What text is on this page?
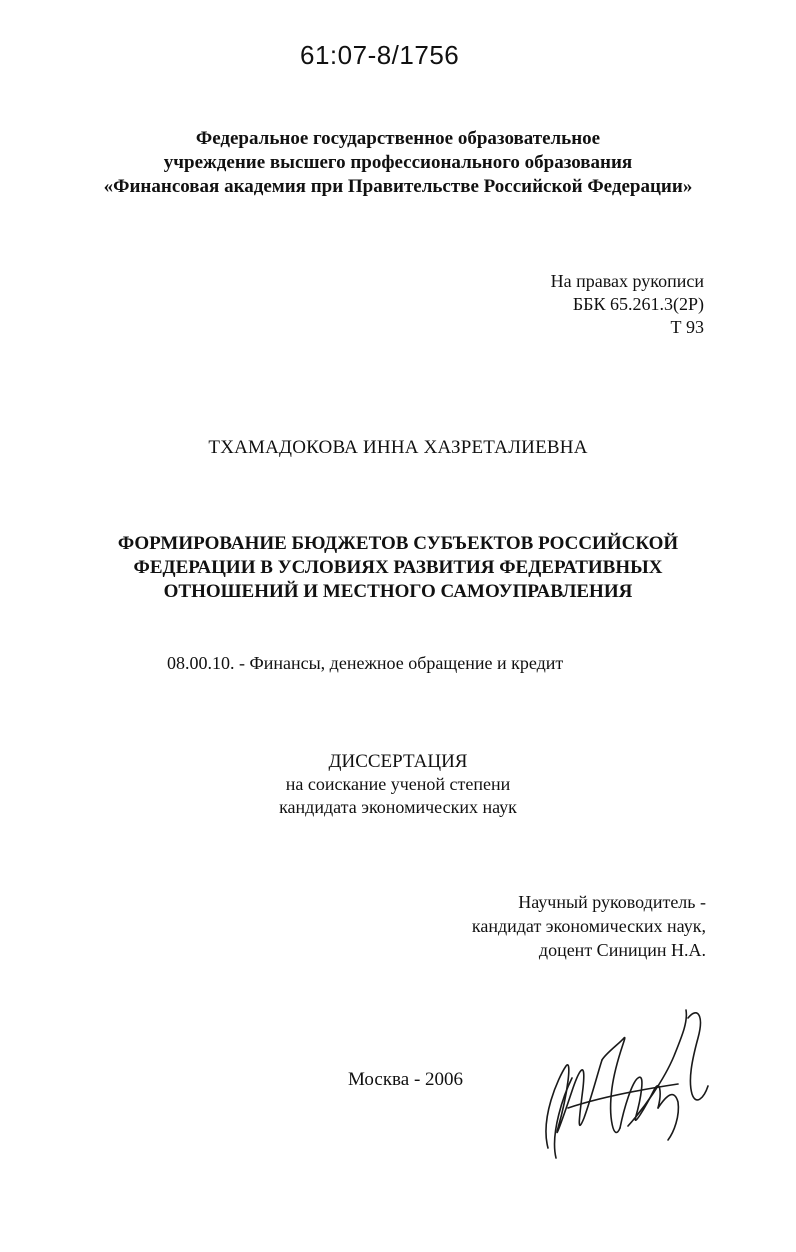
61:07-8/1756
Федеральное государственное образовательное
учреждение высшего профессионального образования
«Финансовая академия при Правительстве Российской Федерации»
На правах рукописи
ББК 65.261.3(2Р)
Т 93
ТХАМАДОКОВА ИННА ХАЗРЕТАЛИЕВНА
ФОРМИРОВАНИЕ БЮДЖЕТОВ СУБЪЕКТОВ РОССИЙСКОЙ
ФЕДЕРАЦИИ В УСЛОВИЯХ РАЗВИТИЯ ФЕДЕРАТИВНЫХ
ОТНОШЕНИЙ И МЕСТНОГО САМОУПРАВЛЕНИЯ
08.00.10. - Финансы, денежное обращение и кредит
ДИССЕРТАЦИЯ
на соискание ученой степени
кандидата экономических наук
Научный руководитель -
кандидат экономических наук,
доцент Синицин Н.А.
Москва - 2006
